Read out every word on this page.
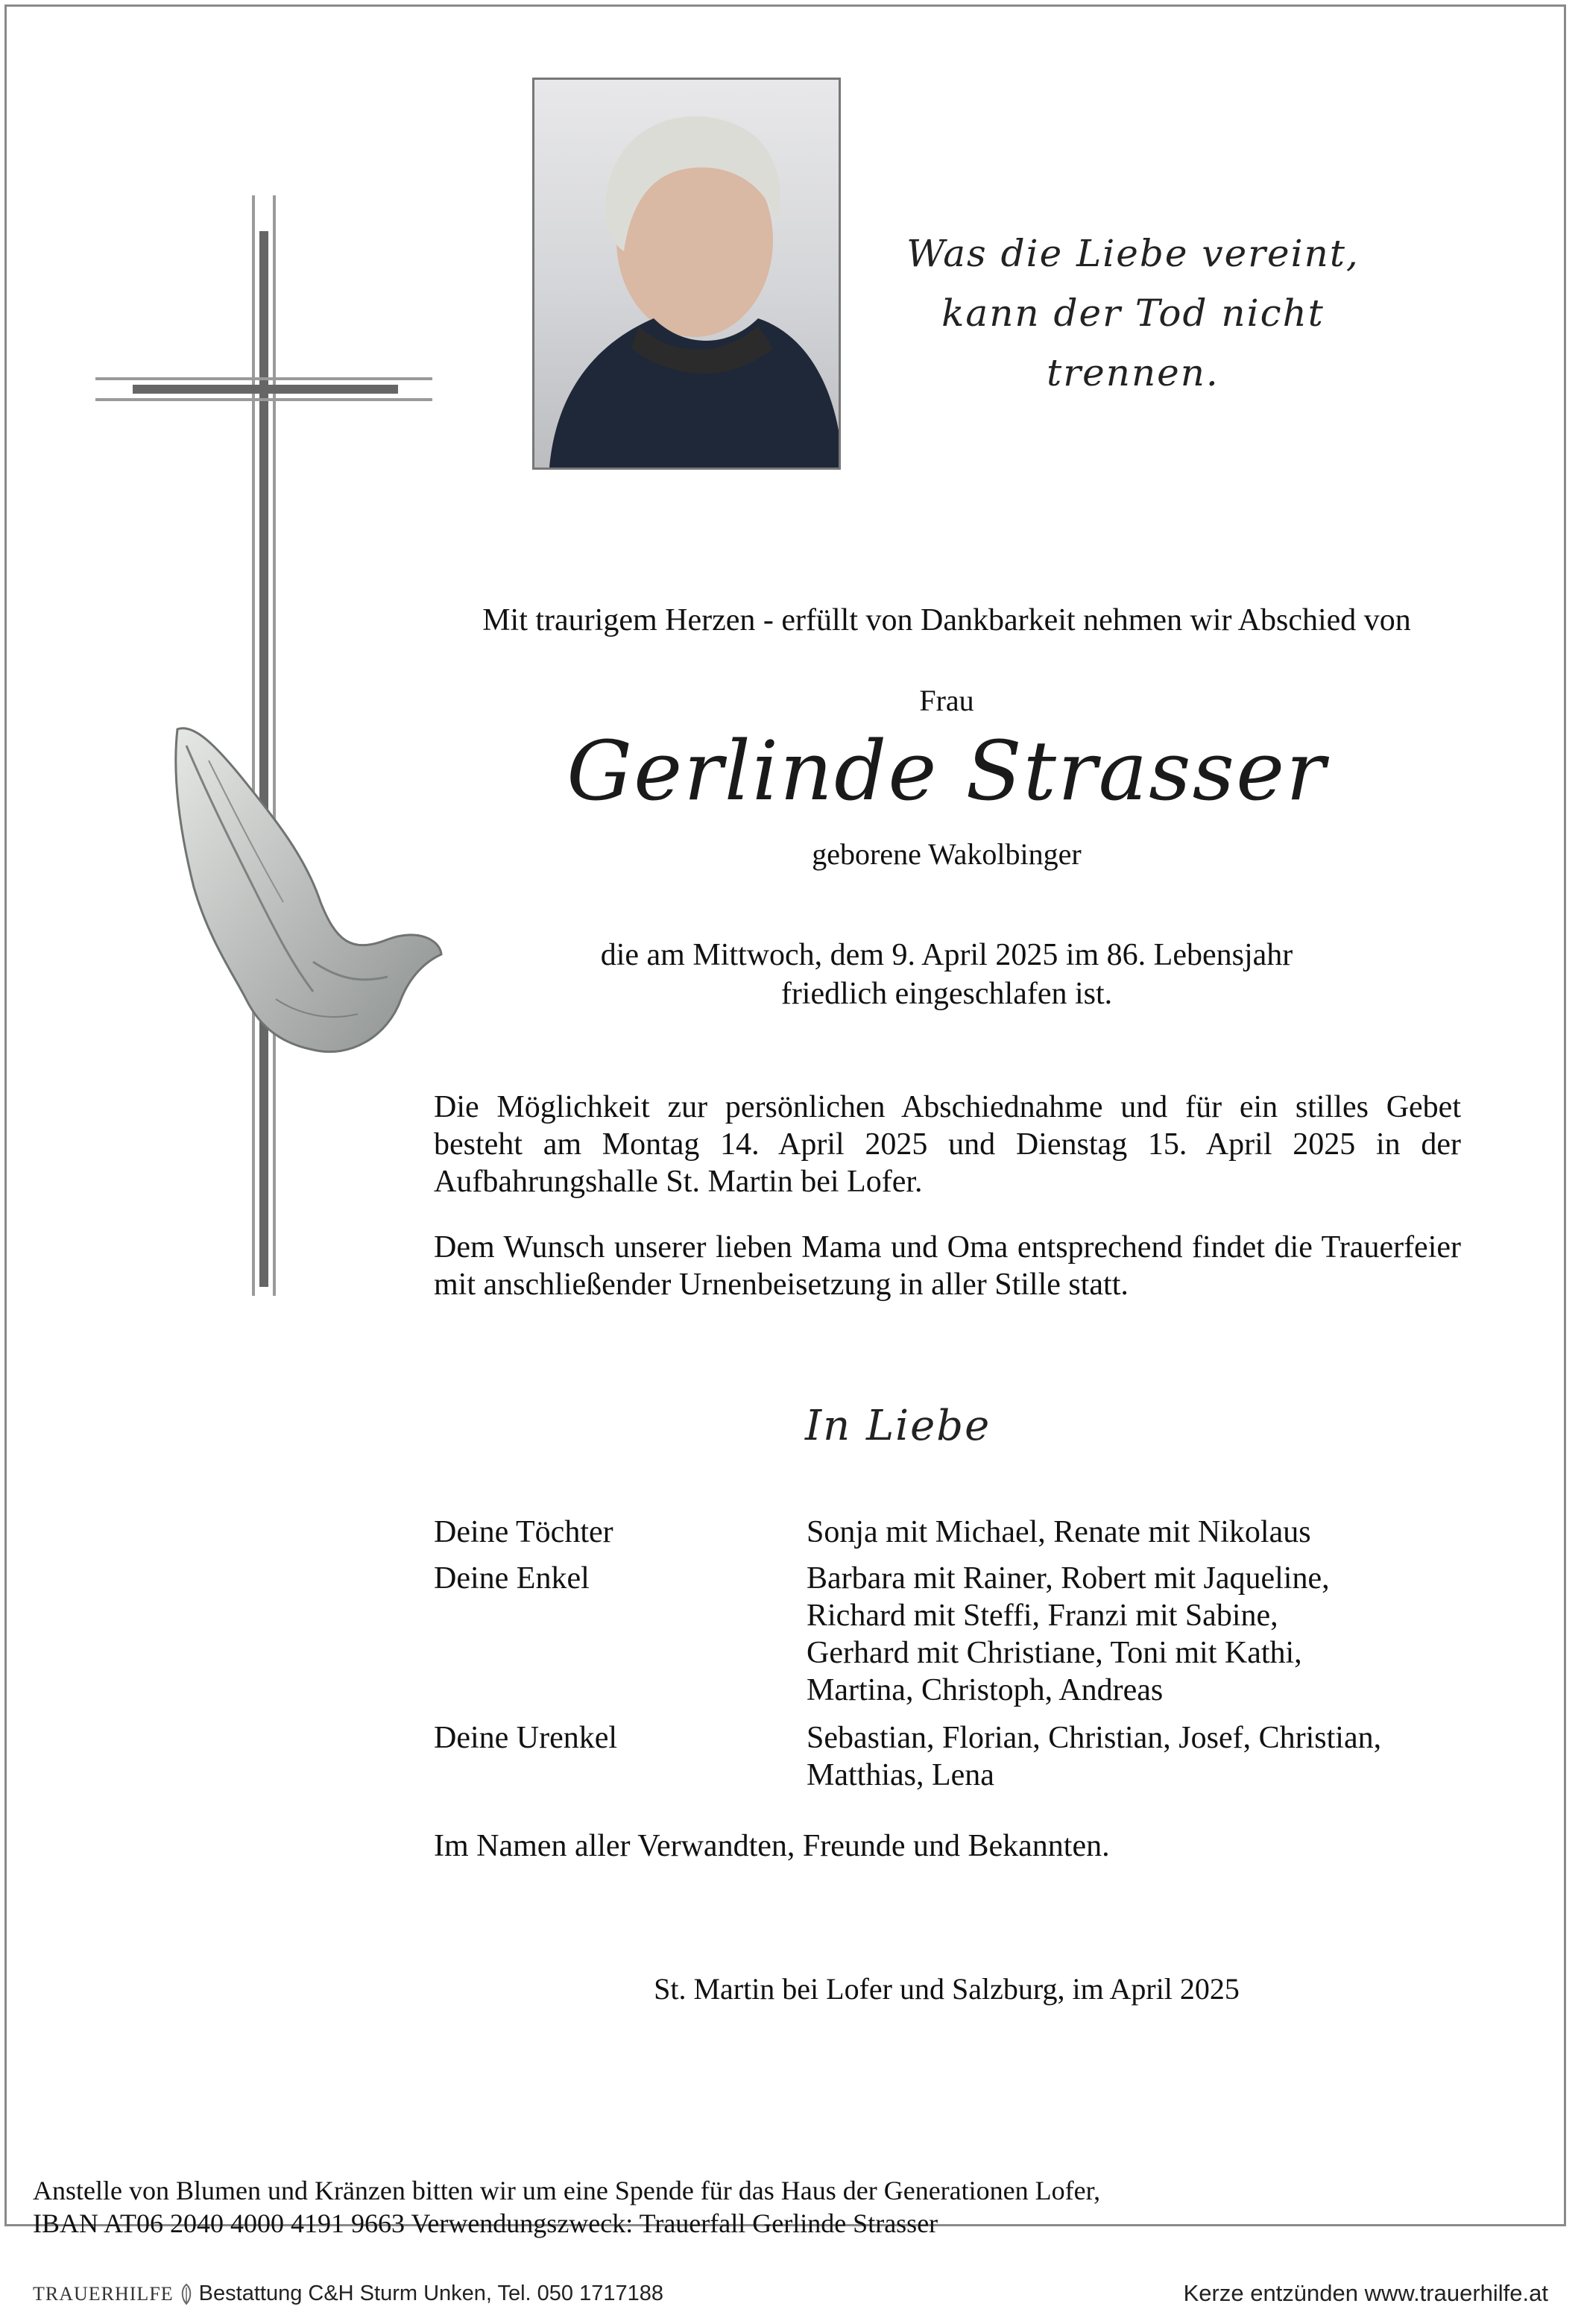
Was die Liebe vereint,
kann der Tod nicht trennen.
Mit traurigem Herzen - erfüllt von Dankbarkeit nehmen wir Abschied von
Frau
Gerlinde Strasser
geborene Wakolbinger
die am Mittwoch, dem 9. April 2025 im 86. Lebensjahr
friedlich eingeschlafen ist.
Die Möglichkeit zur persönlichen Abschiednahme und für ein stilles Gebet besteht am Montag 14. April 2025 und Dienstag 15. April 2025 in der Aufbahrungshalle St. Martin bei Lofer.
Dem Wunsch unserer lieben Mama und Oma entsprechend findet die Trauerfeier mit anschließender Urnenbeisetzung in aller Stille statt.
In Liebe
Deine Töchter	Sonja mit Michael, Renate mit Nikolaus
Deine Enkel	Barbara mit Rainer, Robert mit Jaqueline,
Richard mit Steffi, Franzi mit Sabine,
Gerhard mit Christiane, Toni mit Kathi,
Martina, Christoph, Andreas
Deine Urenkel	Sebastian, Florian, Christian, Josef, Christian,
Matthias, Lena
Im Namen aller Verwandten, Freunde und Bekannten.
St. Martin bei Lofer und Salzburg, im April 2025
Anstelle von Blumen und Kränzen bitten wir um eine Spende für das Haus der Generationen Lofer,
IBAN AT06 2040 4000 4191 9663 Verwendungszweck: Trauerfall Gerlinde Strasser
TRAUERHILFE Bestattung C&H Sturm Unken, Tel. 050 1717188	Kerze entzünden www.trauerhilfe.at
